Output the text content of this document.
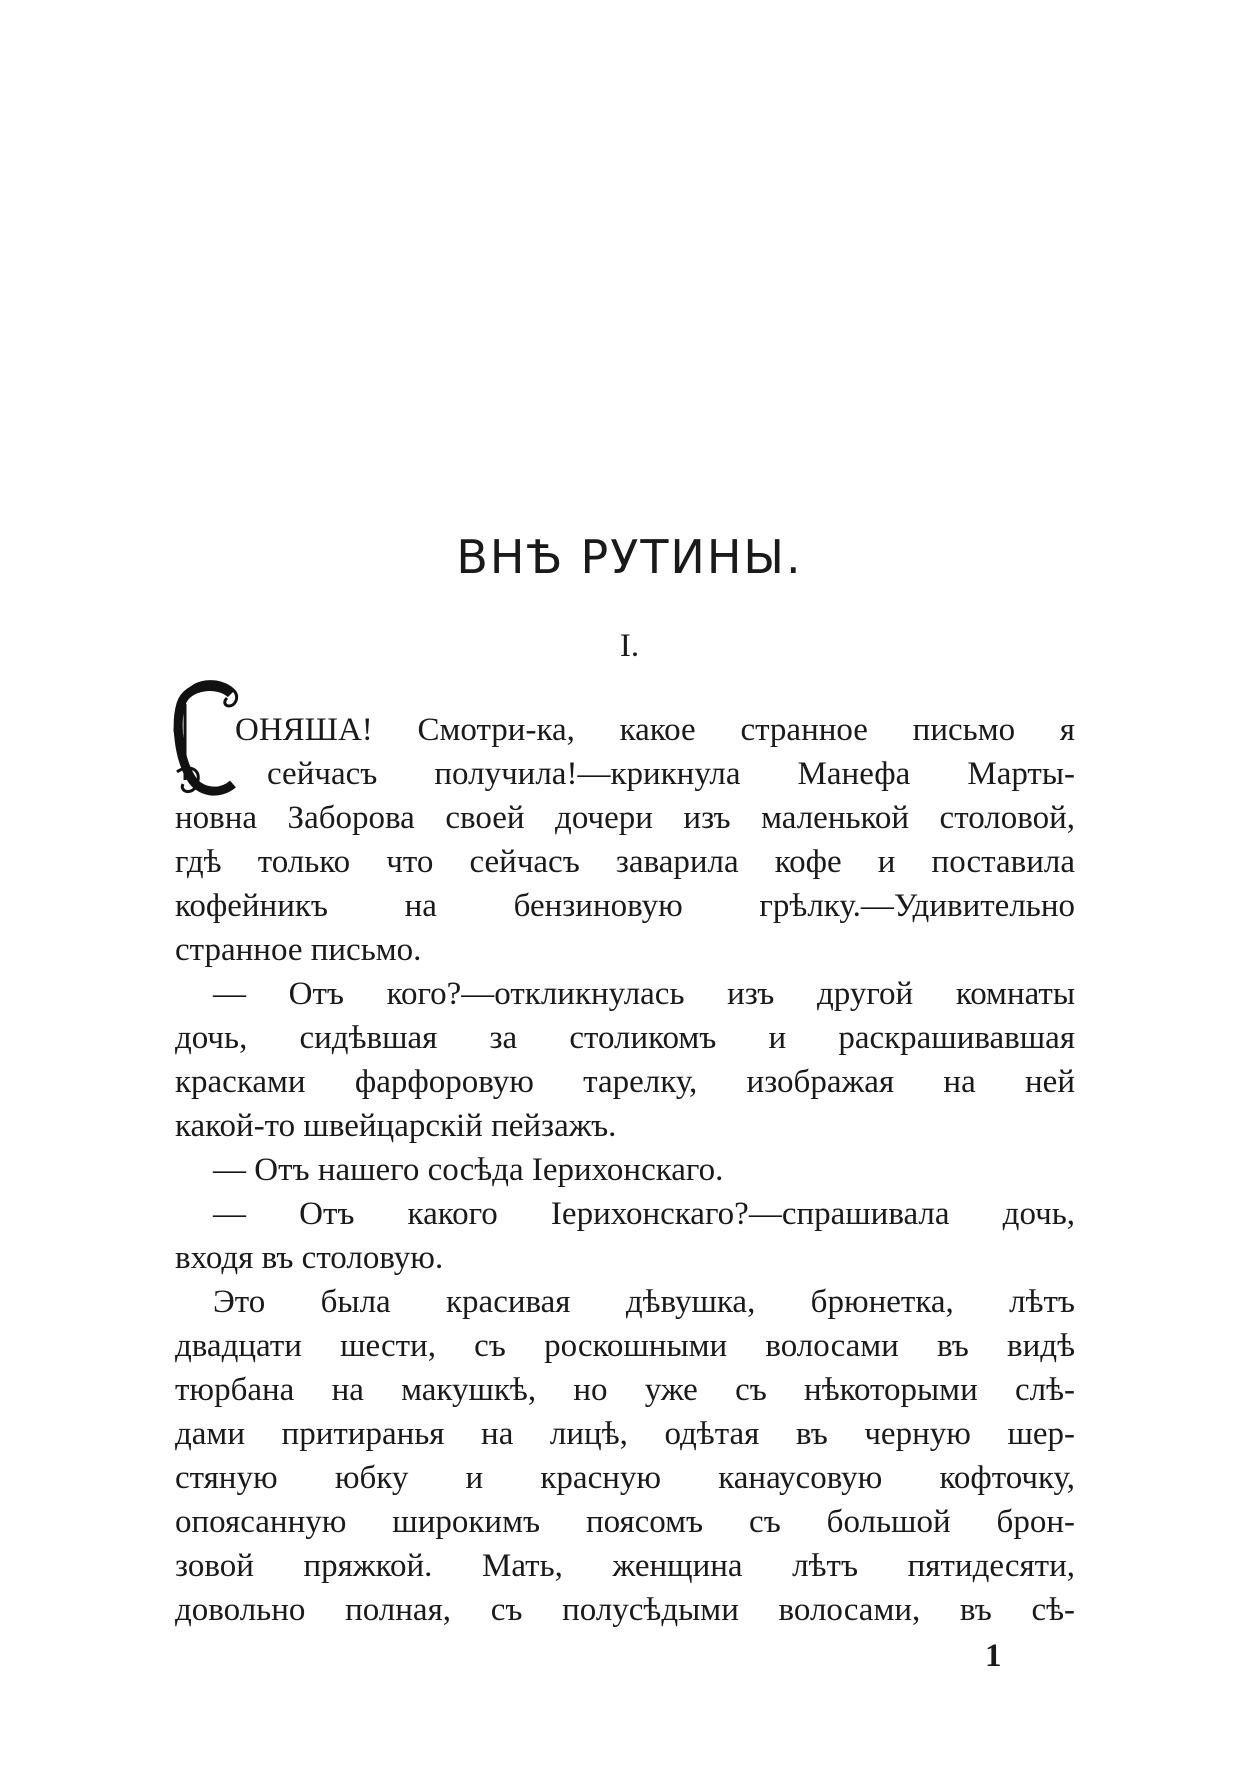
ВНѢ РУТИНЫ.
I.
ОНЯША! Смотри-ка, какое странное письмо я
сейчасъ получила!—крикнула Манефа Марты-
новна Заборова своей дочери изъ маленькой столовой,
гдѣ только что сейчасъ заварила кофе и поставила
кофейникъ на бензиновую грѣлку.—Удивительно
странное письмо.
— Отъ кого?—откликнулась изъ другой комнаты
дочь, сидѣвшая за столикомъ и раскрашивавшая
красками фарфоровую тарелку, изображая на ней
какой-то швейцарскій пейзажъ.
— Отъ нашего сосѣда Іерихонскаго.
— Отъ какого Іерихонскаго?—спрашивала дочь,
входя въ столовую.
Это была красивая дѣвушка, брюнетка, лѣтъ
двадцати шести, съ роскошными волосами въ видѣ
тюрбана на макушкѣ, но уже съ нѣкоторыми слѣ-
дами притиранья на лицѣ, одѣтая въ черную шер-
стяную юбку и красную канаусовую кофточку,
опоясанную широкимъ поясомъ съ большой брон-
зовой пряжкой. Мать, женщина лѣтъ пятидесяти,
довольно полная, съ полусѣдыми волосами, въ сѣ-
1
